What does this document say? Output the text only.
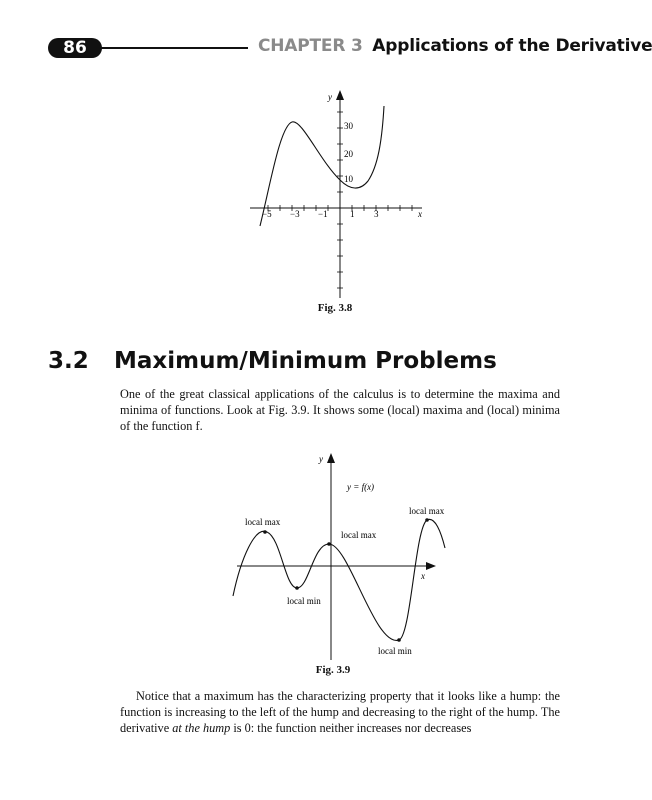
86	CHAPTER 3 Applications of the Derivative
y
30
20
10
−5 −3 −1 1 3	x
Fig. 3.8
3.2 Maximum/Minimum Problems
One of the great classical applications of the calculus is to determine the maxima and minima of functions. Look at Fig. 3.9. It shows some (local) maxima and (local) minima of the function f.
y
x
y = f(x)
local max
local max
local max
local min
local min
Fig. 3.9
Notice that a maximum has the characterizing property that it looks like a hump: the function is increasing to the left of the hump and decreasing to the right of the hump. The derivative at the hump is 0: the function neither increases nor decreases
